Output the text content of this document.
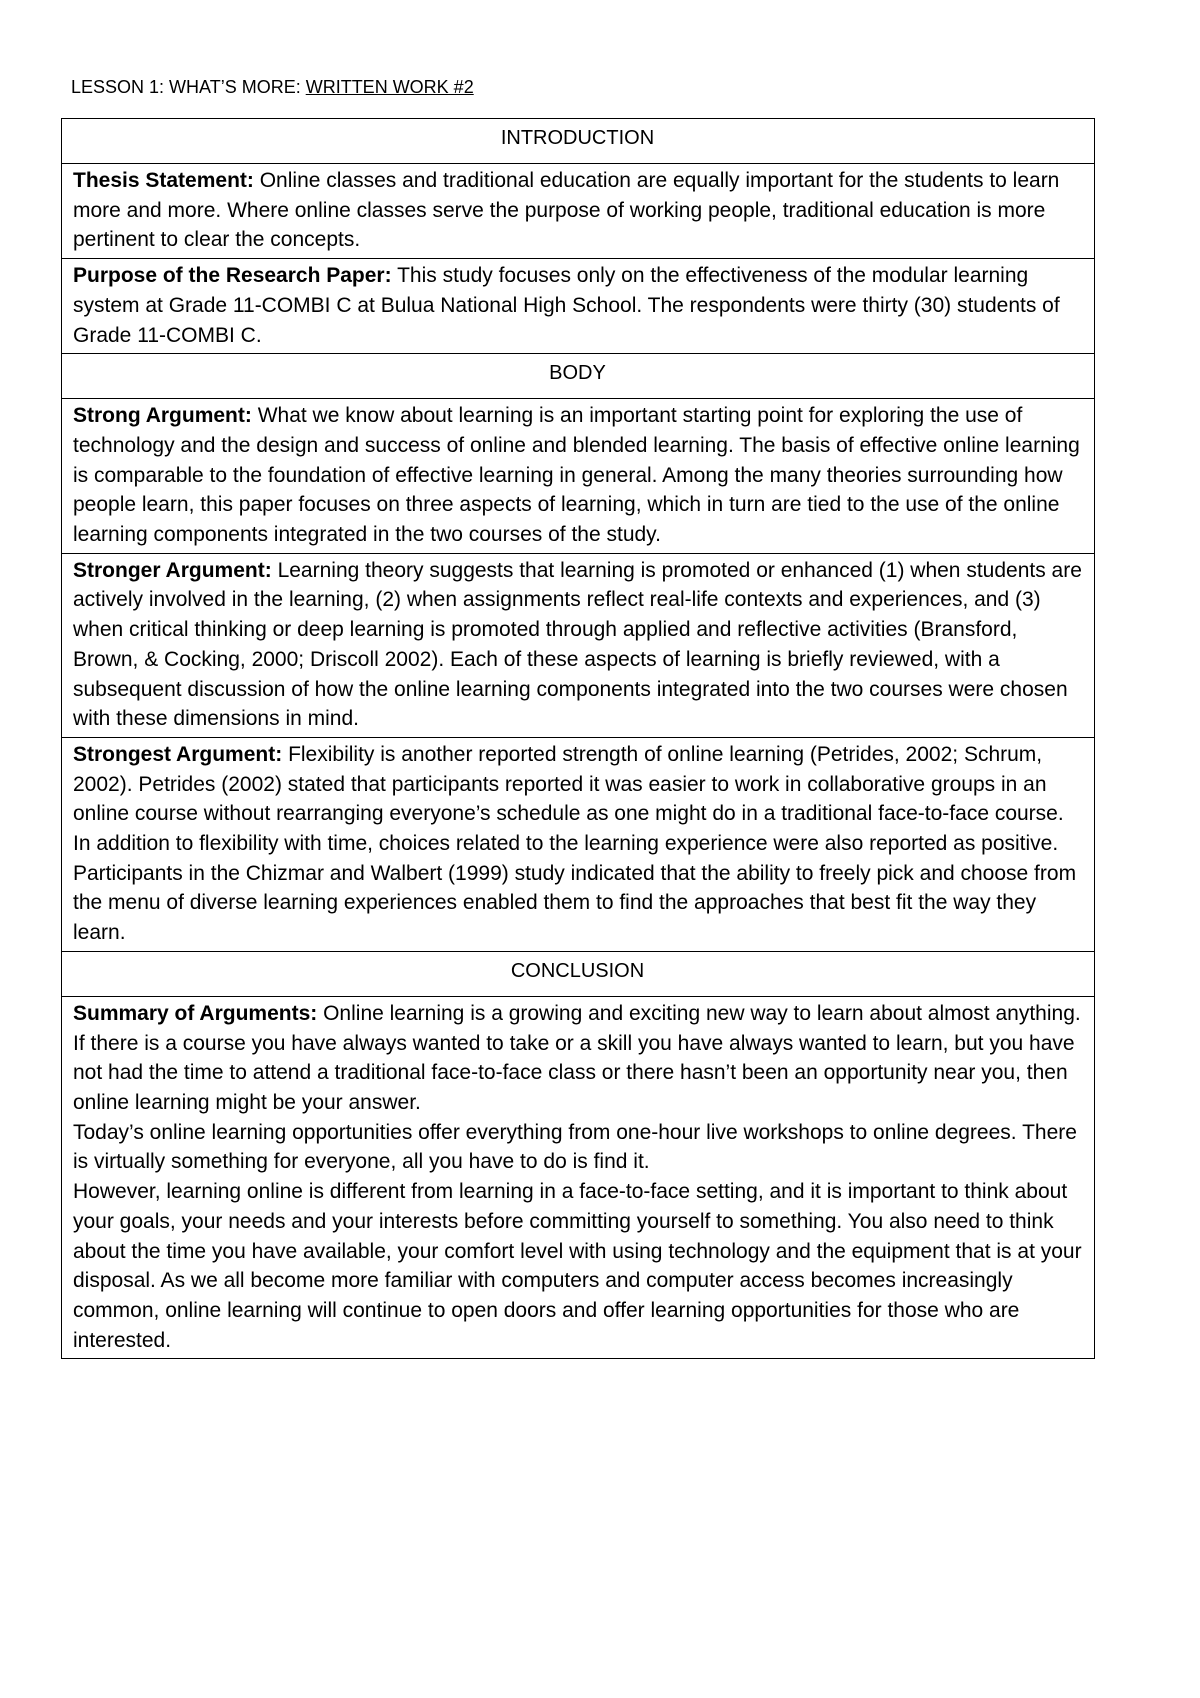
LESSON 1: WHAT’S MORE: WRITTEN WORK #2
INTRODUCTION
Thesis Statement: Online classes and traditional education are equally important for the students to learn more and more. Where online classes serve the purpose of working people, traditional education is more pertinent to clear the concepts.
Purpose of the Research Paper: This study focuses only on the effectiveness of the modular learning system at Grade 11-COMBI C at Bulua National High School. The respondents were thirty (30) students of Grade 11-COMBI C.
BODY
Strong Argument: What we know about learning is an important starting point for exploring the use of technology and the design and success of online and blended learning. The basis of effective online learning is comparable to the foundation of effective learning in general. Among the many theories surrounding how people learn, this paper focuses on three aspects of learning, which in turn are tied to the use of the online learning components integrated in the two courses of the study.
Stronger Argument: Learning theory suggests that learning is promoted or enhanced (1) when students are actively involved in the learning, (2) when assignments reflect real-life contexts and experiences, and (3) when critical thinking or deep learning is promoted through applied and reflective activities (Bransford, Brown, & Cocking, 2000; Driscoll 2002). Each of these aspects of learning is briefly reviewed, with a subsequent discussion of how the online learning components integrated into the two courses were chosen with these dimensions in mind.
Strongest Argument: Flexibility is another reported strength of online learning (Petrides, 2002; Schrum, 2002). Petrides (2002) stated that participants reported it was easier to work in collaborative groups in an online course without rearranging everyone’s schedule as one might do in a traditional face-to-face course. In addition to flexibility with time, choices related to the learning experience were also reported as positive. Participants in the Chizmar and Walbert (1999) study indicated that the ability to freely pick and choose from the menu of diverse learning experiences enabled them to find the approaches that best fit the way they learn.
CONCLUSION

Summary of Arguments: Online learning is a growing and exciting new way to learn about almost anything. If there is a course you have always wanted to take or a skill you have always wanted to learn, but you have not had the time to attend a traditional face-to-face class or there hasn’t been an opportunity near you, then online learning might be your answer.
Today’s online learning opportunities offer everything from one-hour live workshops to online degrees. There is virtually something for everyone, all you have to do is find it.
However, learning online is different from learning in a face-to-face setting, and it is important to think about your goals, your needs and your interests before committing yourself to something. You also need to think about the time you have available, your comfort level with using technology and the equipment that is at your disposal. As we all become more familiar with computers and computer access becomes increasingly common, online learning will continue to open doors and offer learning opportunities for those who are interested.
